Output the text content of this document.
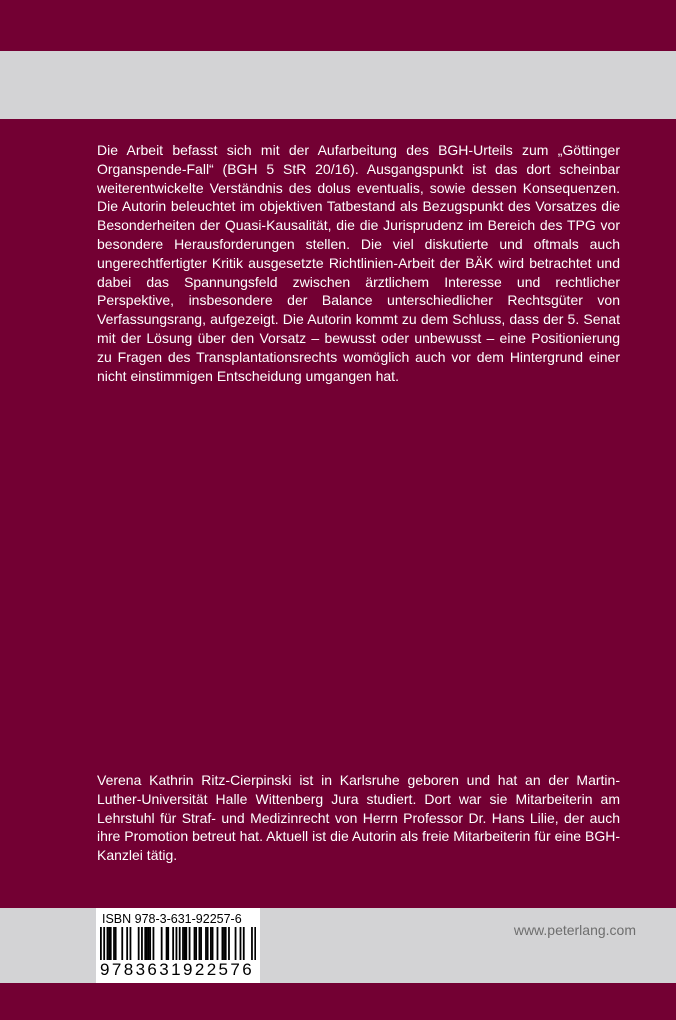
Die Arbeit befasst sich mit der Aufarbeitung des BGH-Urteils zum „Göttinger Organspende-Fall“ (BGH 5 StR 20/16). Ausgangspunkt ist das dort scheinbar weiterentwickelte Verständnis des dolus eventualis, sowie dessen Konsequenzen. Die Autorin beleuchtet im objektiven Tatbestand als Bezugspunkt des Vorsatzes die Besonderheiten der Quasi-Kausalität, die die Jurisprudenz im Bereich des TPG vor besondere Herausforderungen stellen. Die viel diskutierte und oftmals auch ungerechtfertigter Kritik ausgesetzte Richtlinien-Arbeit der BÄK wird betrachtet und dabei das Spannungsfeld zwischen ärztlichem Interesse und rechtlicher Perspektive, insbesondere der Balance unterschiedlicher Rechtsgüter von Verfassungsrang, aufgezeigt. Die Autorin kommt zu dem Schluss, dass der 5. Senat mit der Lösung über den Vorsatz – bewusst oder unbewusst – eine Positionierung zu Fragen des Transplantationsrechts womöglich auch vor dem Hintergrund einer nicht einstimmigen Entscheidung umgangen hat.

Verena Kathrin Ritz-Cierpinski ist in Karlsruhe geboren und hat an der Martin-Luther-Universität Halle Wittenberg Jura studiert. Dort war sie Mitarbeiterin am Lehrstuhl für Straf- und Medizinrecht von Herrn Professor Dr. Hans Lilie, der auch ihre Promotion betreut hat. Aktuell ist die Autorin als freie Mitarbeiterin für eine BGH-Kanzlei tätig.

ISBN 978-3-631-92257-6
9783631922576
www.peterlang.com
